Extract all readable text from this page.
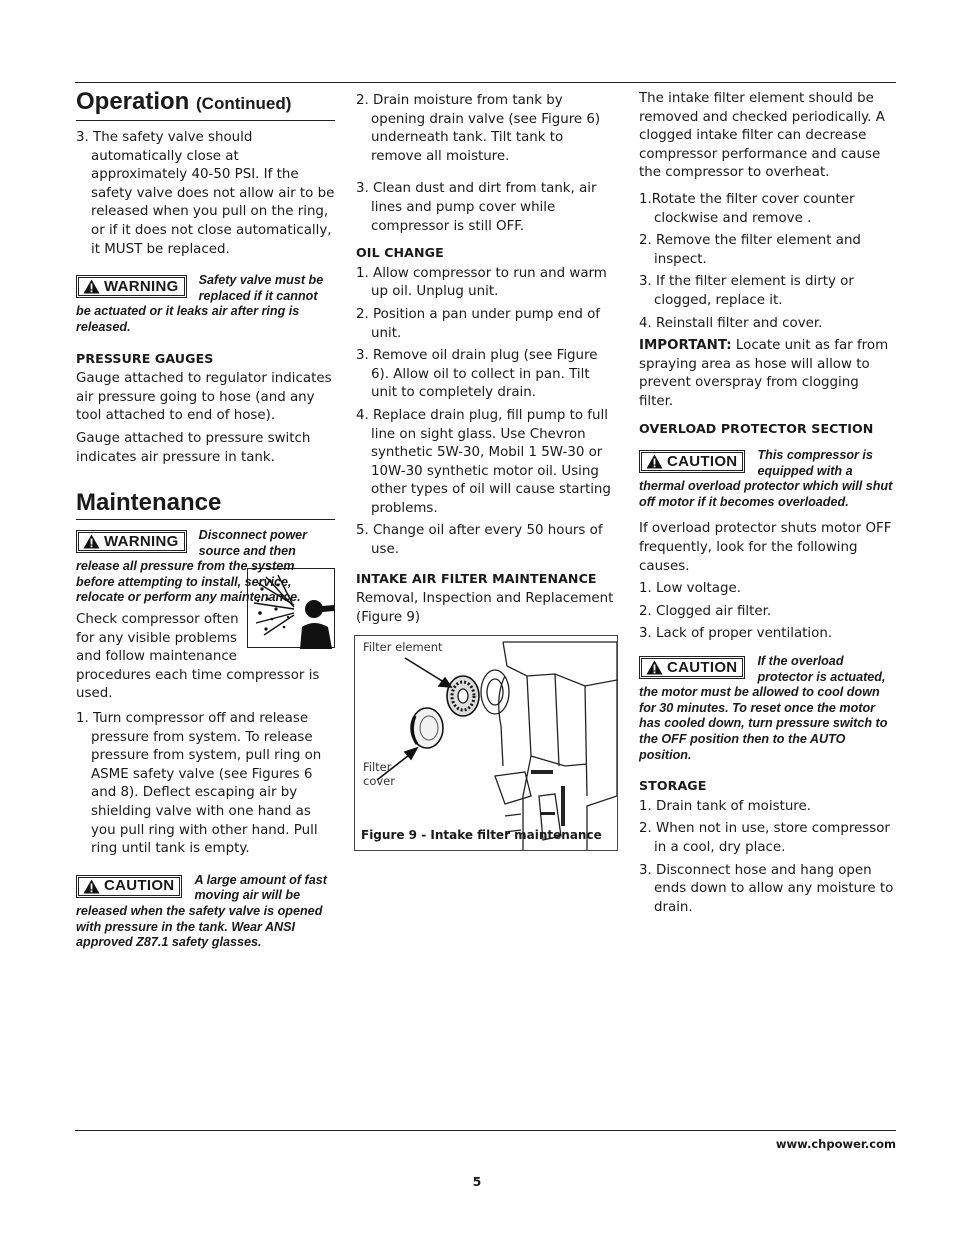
Operation (Continued)
3. The safety valve should automatically close at approximately 40-50 PSI. If the safety valve does not allow air to be released when you pull on the ring, or if it does not close automatically, it MUST be replaced.
WARNING Safety valve must be replaced if it cannot be actuated or it leaks air after ring is released.
PRESSURE GAUGES

Gauge attached to regulator indicates air pressure going to hose (and any tool attached to end of hose).

Gauge attached to pressure switch indicates air pressure in tank.

Maintenance
WARNING Disconnect power source and then release all pressure from the system before attempting to install, service, relocate or perform any maintenance.

Check compressor often for any visible problems and follow maintenance procedures each time compressor is used.

1. Turn compressor off and release pressure from system. To release pressure from system, pull ring on ASME safety valve (see Figures 6 and 8). Deflect escaping air by shielding valve with one hand as you pull ring with other hand. Pull ring until tank is empty.
CAUTION A large amount of fast moving air will be released when the safety valve is opened with pressure in the tank. Wear ANSI approved Z87.1 safety glasses.
2. Drain moisture from tank by opening drain valve (see Figure 6) underneath tank. Tilt tank to remove all moisture.
3. Clean dust and dirt from tank, air lines and pump cover while compressor is still OFF.
OIL CHANGE
1. Allow compressor to run and warm up oil. Unplug unit.
2. Position a pan under pump end of unit.
3. Remove oil drain plug (see Figure 6). Allow oil to collect in pan. Tilt unit to completely drain.
4. Replace drain plug, fill pump to full line on sight glass. Use Chevron synthetic 5W-30, Mobil 1 5W-30 or 10W-30 synthetic motor oil. Using other types of oil will cause starting problems.
5. Change oil after every 50 hours of use.
INTAKE AIR FILTER MAINTENANCE

Removal, Inspection and Replacement (Figure 9)

Filter element
Filter
cover
Figure 9 - Intake filter maintenance

The intake filter element should be removed and checked periodically. A clogged intake filter can decrease compressor performance and cause the compressor to overheat.

1.Rotate the filter cover counter clockwise and remove .
2. Remove the filter element and inspect.
3. If the filter element is dirty or clogged, replace it.
4. Reinstall filter and cover.

IMPORTANT: Locate unit as far from spraying area as hose will allow to prevent overspray from clogging filter.

OVERLOAD PROTECTOR SECTION
CAUTION This compressor is equipped with a thermal overload protector which will shut off motor if it becomes overloaded.

If overload protector shuts motor OFF frequently, look for the following causes.

1. Low voltage.
2. Clogged air filter.
3. Lack of proper ventilation.
CAUTION If the overload protector is actuated, the motor must be allowed to cool down for 30 minutes. To reset once the motor has cooled down, turn pressure switch to the OFF position then to the AUTO position.
STORAGE
1. Drain tank of moisture.
2. When not in use, store compressor in a cool, dry place.
3. Disconnect hose and hang open ends down to allow any moisture to drain.
www.chpower.com
5
